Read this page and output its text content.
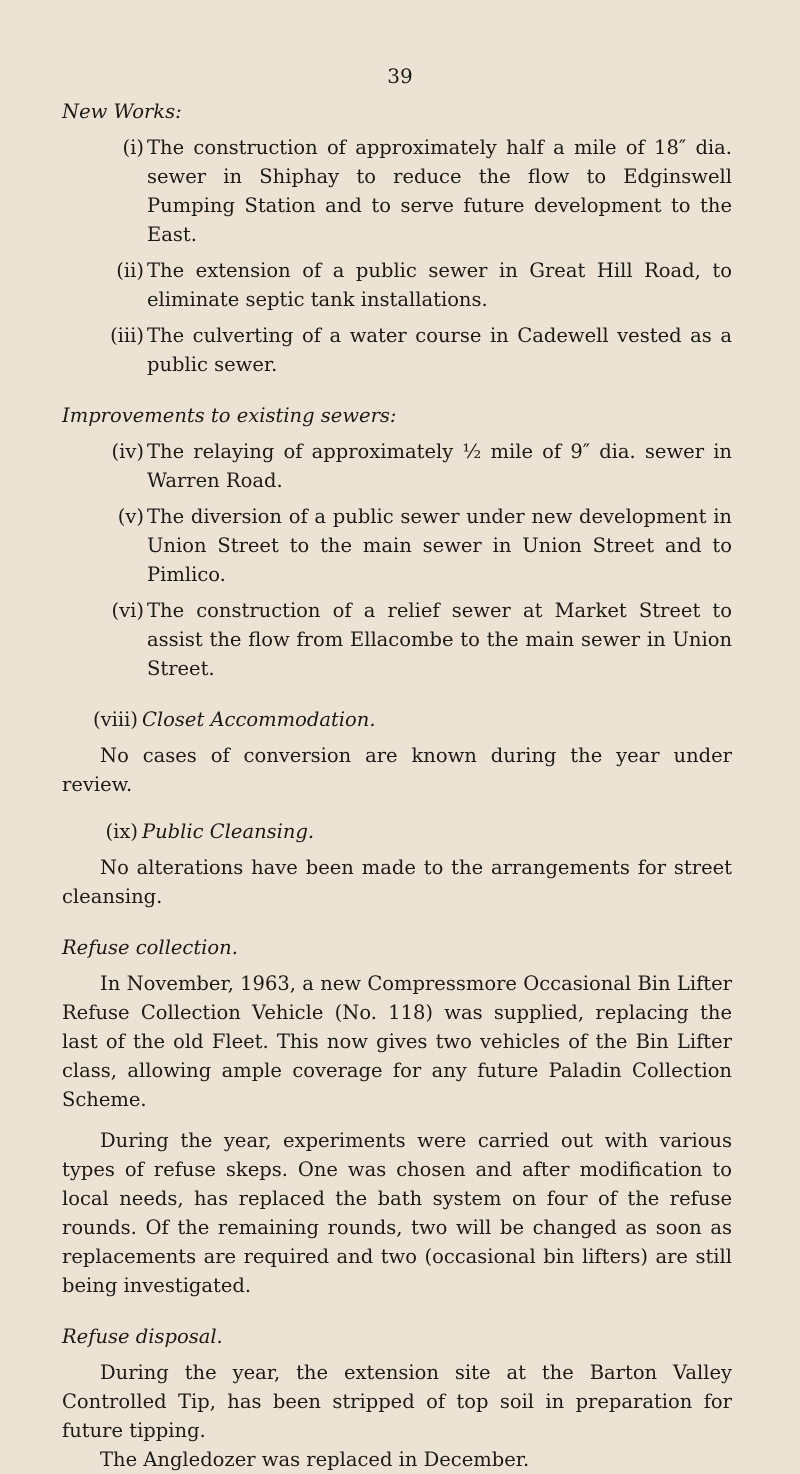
39

New Works:

(i) The construction of approximately half a mile of 18″ dia. sewer in Shiphay to reduce the flow to Edginswell Pumping Station and to serve future development to the East.

(ii) The extension of a public sewer in Great Hill Road, to eliminate septic tank installations.

(iii) The culverting of a water course in Cadewell vested as a public sewer.

Improvements to existing sewers:

(iv) The relaying of approximately ½ mile of 9″ dia. sewer in Warren Road.

(v) The diversion of a public sewer under new development in Union Street to the main sewer in Union Street and to Pimlico.

(vi) The construction of a relief sewer at Market Street to assist the flow from Ellacombe to the main sewer in Union Street.

(viii) Closet Accommodation.

No cases of conversion are known during the year under review.

(ix) Public Cleansing.

No alterations have been made to the arrangements for street cleansing.

Refuse collection.

In November, 1963, a new Compressmore Occasional Bin Lifter Refuse Collection Vehicle (No. 118) was supplied, replacing the last of the old Fleet. This now gives two vehicles of the Bin Lifter class, allowing ample coverage for any future Paladin Collection Scheme.

During the year, experiments were carried out with various types of refuse skeps. One was chosen and after modification to local needs, has replaced the bath system on four of the refuse rounds. Of the remaining rounds, two will be changed as soon as replacements are required and two (occasional bin lifters) are still being investigated.

Refuse disposal.

During the year, the extension site at the Barton Valley Controlled Tip, has been stripped of top soil in preparation for future tipping.

The Angledozer was replaced in December.
